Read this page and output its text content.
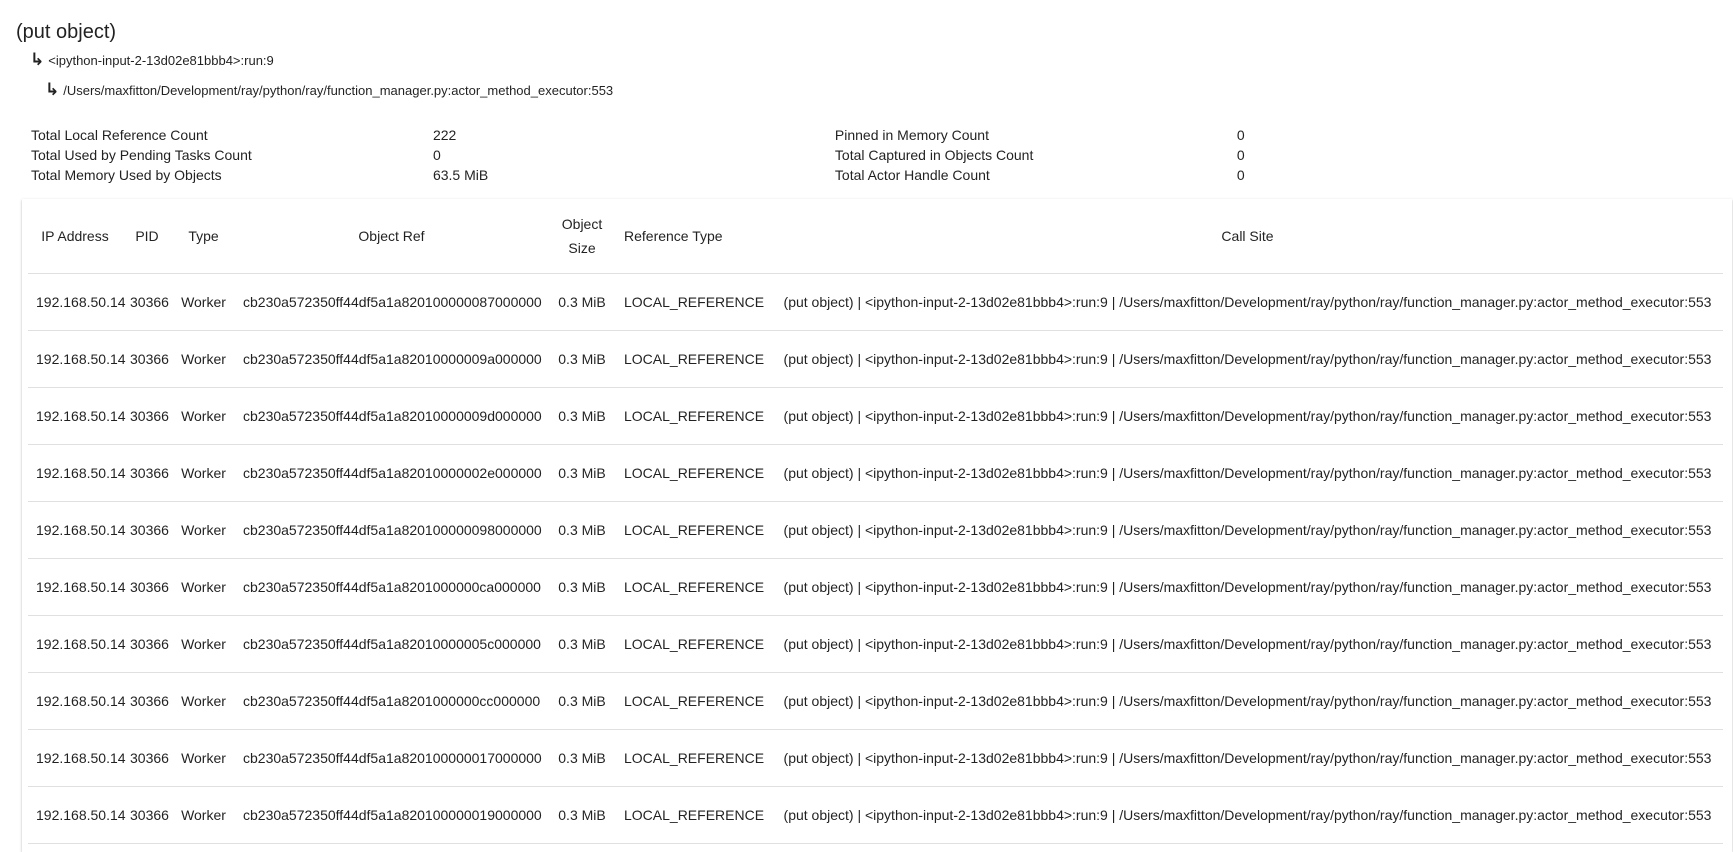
(put object)
↳ <ipython-input-2-13d02e81bbb4>:run:9
↳ /Users/maxfitton/Development/ray/python/ray/function_manager.py:actor_method_executor:553
Total Local Reference Count	222	Pinned in Memory Count	0
Total Used by Pending Tasks Count	0	Total Captured in Objects Count	0
Total Memory Used by Objects	63.5 MiB	Total Actor Handle Count	0
IP Address	PID	Type	Object Ref	Object Size	Reference Type	Call Site
192.168.50.14	30366	Worker	cb230a572350ff44df5a1a820100000087000000	0.3 MiB	LOCAL_REFERENCE	(put object) | <ipython-input-2-13d02e81bbb4>:run:9 | /Users/maxfitton/Development/ray/python/ray/function_manager.py:actor_method_executor:553
192.168.50.14	30366	Worker	cb230a572350ff44df5a1a82010000009a000000	0.3 MiB	LOCAL_REFERENCE	(put object) | <ipython-input-2-13d02e81bbb4>:run:9 | /Users/maxfitton/Development/ray/python/ray/function_manager.py:actor_method_executor:553
192.168.50.14	30366	Worker	cb230a572350ff44df5a1a82010000009d000000	0.3 MiB	LOCAL_REFERENCE	(put object) | <ipython-input-2-13d02e81bbb4>:run:9 | /Users/maxfitton/Development/ray/python/ray/function_manager.py:actor_method_executor:553
192.168.50.14	30366	Worker	cb230a572350ff44df5a1a82010000002e000000	0.3 MiB	LOCAL_REFERENCE	(put object) | <ipython-input-2-13d02e81bbb4>:run:9 | /Users/maxfitton/Development/ray/python/ray/function_manager.py:actor_method_executor:553
192.168.50.14	30366	Worker	cb230a572350ff44df5a1a820100000098000000	0.3 MiB	LOCAL_REFERENCE	(put object) | <ipython-input-2-13d02e81bbb4>:run:9 | /Users/maxfitton/Development/ray/python/ray/function_manager.py:actor_method_executor:553
192.168.50.14	30366	Worker	cb230a572350ff44df5a1a8201000000ca000000	0.3 MiB	LOCAL_REFERENCE	(put object) | <ipython-input-2-13d02e81bbb4>:run:9 | /Users/maxfitton/Development/ray/python/ray/function_manager.py:actor_method_executor:553
192.168.50.14	30366	Worker	cb230a572350ff44df5a1a82010000005c000000	0.3 MiB	LOCAL_REFERENCE	(put object) | <ipython-input-2-13d02e81bbb4>:run:9 | /Users/maxfitton/Development/ray/python/ray/function_manager.py:actor_method_executor:553
192.168.50.14	30366	Worker	cb230a572350ff44df5a1a8201000000cc000000	0.3 MiB	LOCAL_REFERENCE	(put object) | <ipython-input-2-13d02e81bbb4>:run:9 | /Users/maxfitton/Development/ray/python/ray/function_manager.py:actor_method_executor:553
192.168.50.14	30366	Worker	cb230a572350ff44df5a1a820100000017000000	0.3 MiB	LOCAL_REFERENCE	(put object) | <ipython-input-2-13d02e81bbb4>:run:9 | /Users/maxfitton/Development/ray/python/ray/function_manager.py:actor_method_executor:553
192.168.50.14	30366	Worker	cb230a572350ff44df5a1a820100000019000000	0.3 MiB	LOCAL_REFERENCE	(put object) | <ipython-input-2-13d02e81bbb4>:run:9 | /Users/maxfitton/Development/ray/python/ray/function_manager.py:actor_method_executor:553
